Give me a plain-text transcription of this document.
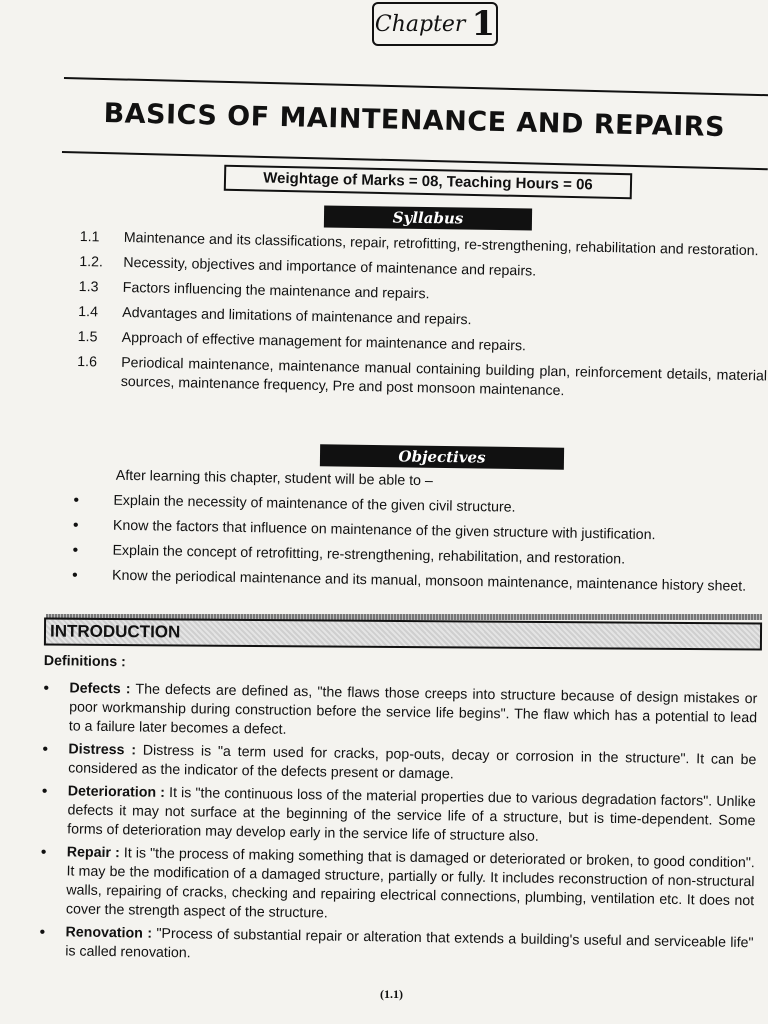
Chapter 1
BASICS OF MAINTENANCE AND REPAIRS
Weightage of Marks = 08, Teaching Hours = 06
Syllabus
1.1	Maintenance and its classifications, repair, retrofitting, re-strengthening, rehabilitation and restoration.
1.2.	Necessity, objectives and importance of maintenance and repairs.
1.3	Factors influencing the maintenance and repairs.
1.4	Advantages and limitations of maintenance and repairs.
1.5	Approach of effective management for maintenance and repairs.
1.6	Periodical maintenance, maintenance manual containing building plan, reinforcement details, material sources, maintenance frequency, Pre and post monsoon maintenance.
Objectives
After learning this chapter, student will be able to –
•	Explain the necessity of maintenance of the given civil structure.
•	Know the factors that influence on maintenance of the given structure with justification.
•	Explain the concept of retrofitting, re-strengthening, rehabilitation, and restoration.
•	Know the periodical maintenance and its manual, monsoon maintenance, maintenance history sheet.
INTRODUCTION
Definitions :
•	Defects : The defects are defined as, "the flaws those creeps into structure because of design mistakes or poor workmanship during construction before the service life begins". The flaw which has a potential to lead to a failure later becomes a defect.
•	Distress : Distress is "a term used for cracks, pop-outs, decay or corrosion in the structure". It can be considered as the indicator of the defects present or damage.
•	Deterioration : It is "the continuous loss of the material properties due to various degradation factors". Unlike defects it may not surface at the beginning of the service life of a structure, but is time-dependent. Some forms of deterioration may develop early in the service life of structure also.
•	Repair : It is "the process of making something that is damaged or deteriorated or broken, to good condition". It may be the modification of a damaged structure, partially or fully. It includes reconstruction of non-structural walls, repairing of cracks, checking and repairing electrical connections, plumbing, ventilation etc. It does not cover the strength aspect of the structure.
•	Renovation : "Process of substantial repair or alteration that extends a building's useful and serviceable life" is called renovation.
(1.1)
